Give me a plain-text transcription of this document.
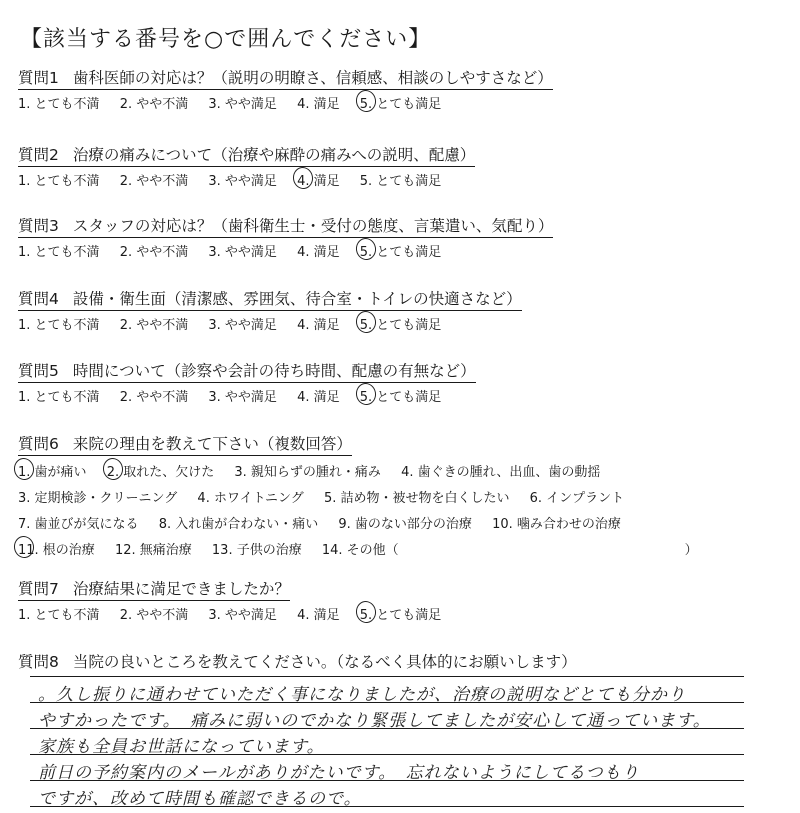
【該当する番号を○で囲んでください】
質問1 歯科医師の対応は？（説明の明瞭さ、信頼感、相談のしやすさなど）
1. とても不満 2. やや不満 3. やや満足 4. 満足 5. とても満足
質問2 治療の痛みについて（治療や麻酔の痛みへの説明、配慮）
1. とても不満 2. やや不満 3. やや満足 4. 満足 5. とても満足
質問3 スタッフの対応は？（歯科衛生士・受付の態度、言葉遣い、気配り）
1. とても不満 2. やや不満 3. やや満足 4. 満足 5. とても満足
質問4 設備・衛生面（清潔感、雰囲気、待合室・トイレの快適さなど）
1. とても不満 2. やや不満 3. やや満足 4. 満足 5. とても満足
質問5 時間について（診察や会計の待ち時間、配慮の有無など）
1. とても不満 2. やや不満 3. やや満足 4. 満足 5. とても満足
質問6 来院の理由を教えて下さい（複数回答）
1. 歯が痛い 2. 取れた、欠けた 3. 親知らずの腫れ・痛み 4. 歯ぐきの腫れ、出血、歯の動揺
3. 定期検診・クリーニング 4. ホワイトニング 5. 詰め物・被せ物を白くしたい 6. インプラント
7. 歯並びが気になる 8. 入れ歯が合わない・痛い 9. 歯のない部分の治療 10. 噛み合わせの治療
11. 根の治療 12. 無痛治療 13. 子供の治療 14. その他（	）
質問7 治療結果に満足できましたか？
1. とても不満 2. やや不満 3. やや満足 4. 満足 5. とても満足
質問8 当院の良いところを教えてください。（なるべく具体的にお願いします）
。久し振りに通わせていただく事になりましたが、治療の説明などとても分かり
やすかったです。　痛みに弱いのでかなり緊張してましたが安心して通っています。
家族も全員お世話になっています。
前日の予約案内のメールがありがたいです。　忘れないようにしてるつもり
ですが、改めて時間も確認できるので。
